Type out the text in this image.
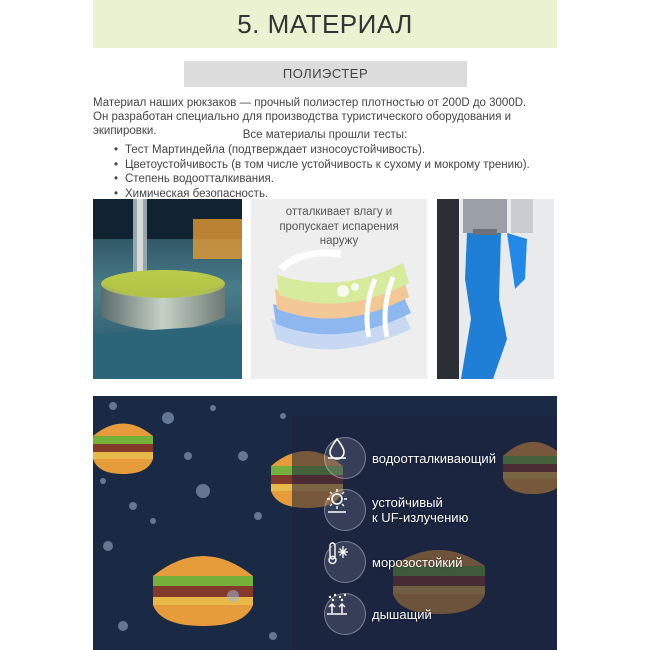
5. МАТЕРИАЛ
ПОЛИЭСТЕР
Материал наших рюкзаков — прочный полиэстер плотностью от 200D до 3000D.
Он разработан специально для производства туристического оборудования и экипировки.	Все материалы прошли тесты:
• Тест Мартиндейла (подтверждает износоустойчивость).
• Цветоустойчивость (в том числе устойчивость к сухому и мокрому трению).
• Степень водоотталкивания.
• Химическая безопасность.
отталкивает влагу и
пропускает испарения
наружу
водоотталкивающий
устойчивый
к UF-излучению
морозостойкий
дышащий
